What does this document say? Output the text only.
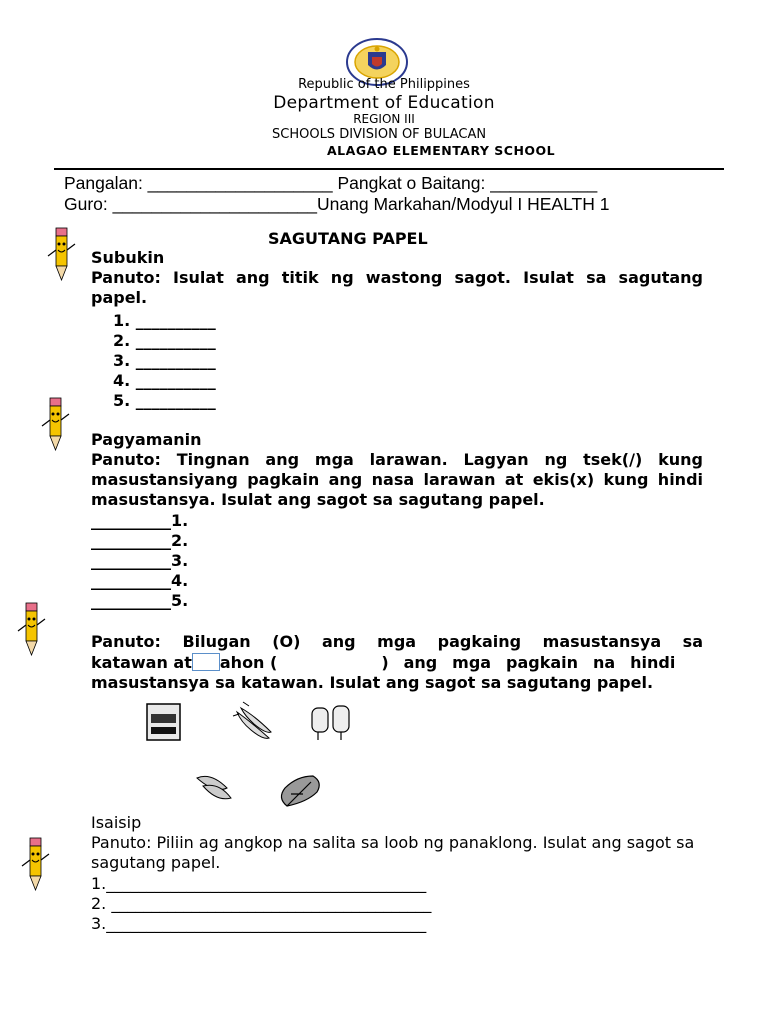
Republic of the Philippines
Department of Education
REGION III
SCHOOLS DIVISION OF BULACAN
ALAGAO ELEMENTARY SCHOOL
Pangalan: ___________________ Pangkat o Baitang: ___________
Guro: _____________________Unang Markahan/Modyul I HEALTH 1
SAGUTANG PAPEL
Subukin
Panuto: Isulat ang titik ng wastong sagot. Isulat sa sagutang papel.
1. __________
2. __________
3. __________
4. __________
5. __________
Pagyamanin
Panuto: Tingnan ang mga larawan. Lagyan ng tsek(/) kung masustansiyang pagkain ang nasa larawan at ekis(x) kung hindi masustansya. Isulat ang sagot sa sagutang papel.
__________1.
__________2.
__________3.
__________4.
__________5.
Panuto: Bilugan (O) ang mga pagkaing masustansya sa
katawan at ahon (	) ang mga pagkain na hindi
masustansya sa katawan. Isulat ang sagot sa sagutang papel.
Isaisip
Panuto: Piliin ag angkop na salita sa loob ng panaklong. Isulat ang sagot sa sagutang papel.
1.________________________________________
2. ________________________________________
3.________________________________________
